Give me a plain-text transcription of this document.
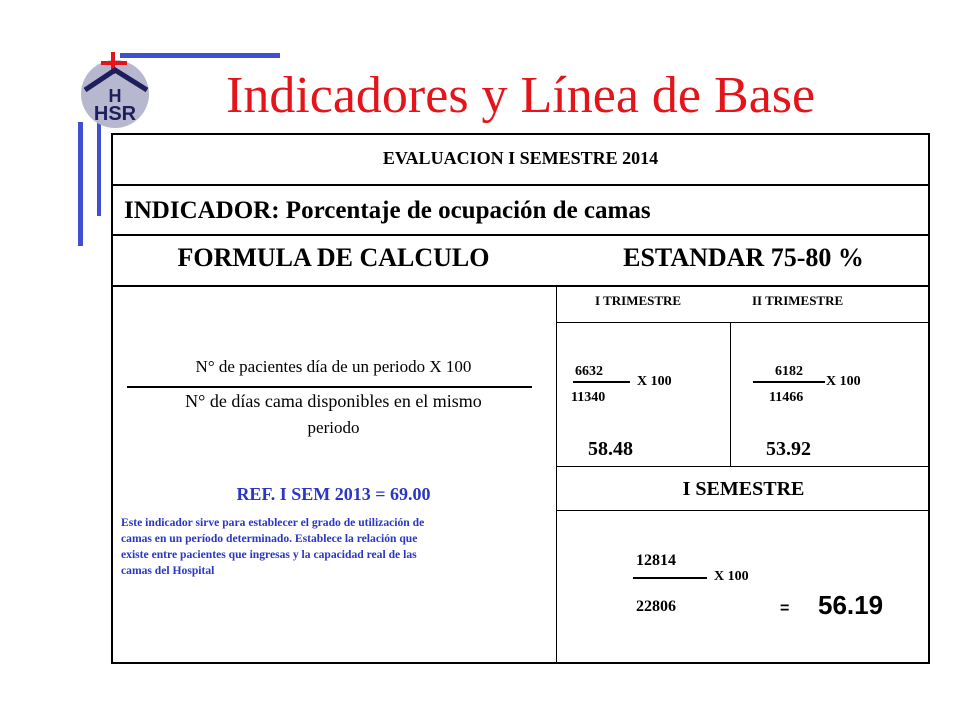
H
HSR Indicadores y Línea de Base
EVALUACION I SEMESTRE 2014
INDICADOR: Porcentaje de ocupación de camas
FORMULA DE CALCULO	ESTANDAR 75-80 %
N° de pacientes día de un periodo X 100
N° de días cama disponibles en el mismo
periodo
REF. I SEM 2013 = 69.00
Este indicador sirve para establecer el grado de utilización de
camas en un período determinado. Establece la relación que
existe entre pacientes que ingresas y la capacidad real de las
camas del Hospital
I TRIMESTRE	II TRIMESTRE
6632
X 100
11340
58.48
6182
X 100
11466
53.92
I SEMESTRE
12814
X 100
22806	= 56.19
